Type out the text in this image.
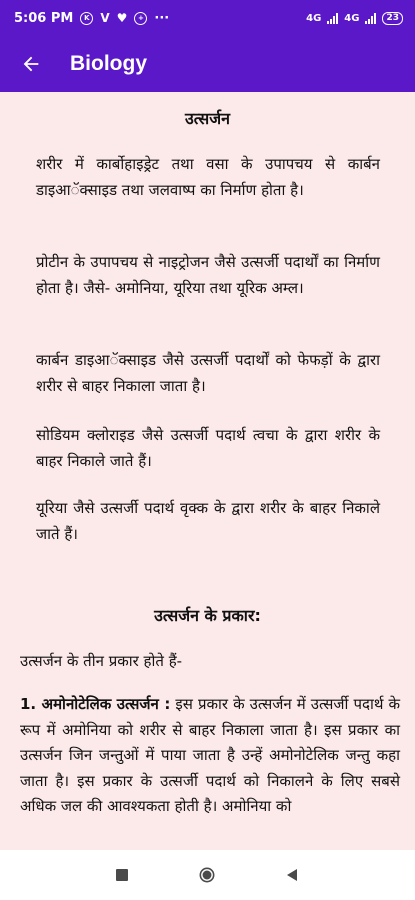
5:06 PM	K V ♥	+ ···	4G 4G	23
Biology
उत्सर्जन

शरीर में कार्बोहाइड्रेट तथा वसा के उपापचय से कार्बन डाइआॅक्साइड तथा जलवाष्प का निर्माण होता है।

प्रोटीन के उपापचय से नाइट्रोजन जैसे उत्सर्जी पदार्थों का निर्माण होता है। जैसे- अमोनिया, यूरिया तथा यूरिक अम्ल।

कार्बन डाइआॅक्साइड जैसे उत्सर्जी पदार्थों को फेफड़ों के द्वारा शरीर से बाहर निकाला जाता है।

सोडियम क्लोराइड जैसे उत्सर्जी पदार्थ त्वचा के द्वारा शरीर के बाहर निकाले जाते हैं।

यूरिया जैसे उत्सर्जी पदार्थ वृक्क के द्वारा शरीर के बाहर निकाले जाते हैं।

उत्सर्जन के प्रकार:

उत्सर्जन के तीन प्रकार होते हैं-

1. अमोनोटेलिक उत्सर्जन : इस प्रकार के उत्सर्जन में उत्सर्जी पदार्थ के रूप में अमोनिया को शरीर से बाहर निकाला जाता है। इस प्रकार का उत्सर्जन जिन जन्तुओं में पाया जाता है उन्हें अमोनोटेलिक जन्तु कहा जाता है। इस प्रकार के उत्सर्जी पदार्थ को निकालने के लिए सबसे अधिक जल की आवश्यकता होती है। अमोनिया को
